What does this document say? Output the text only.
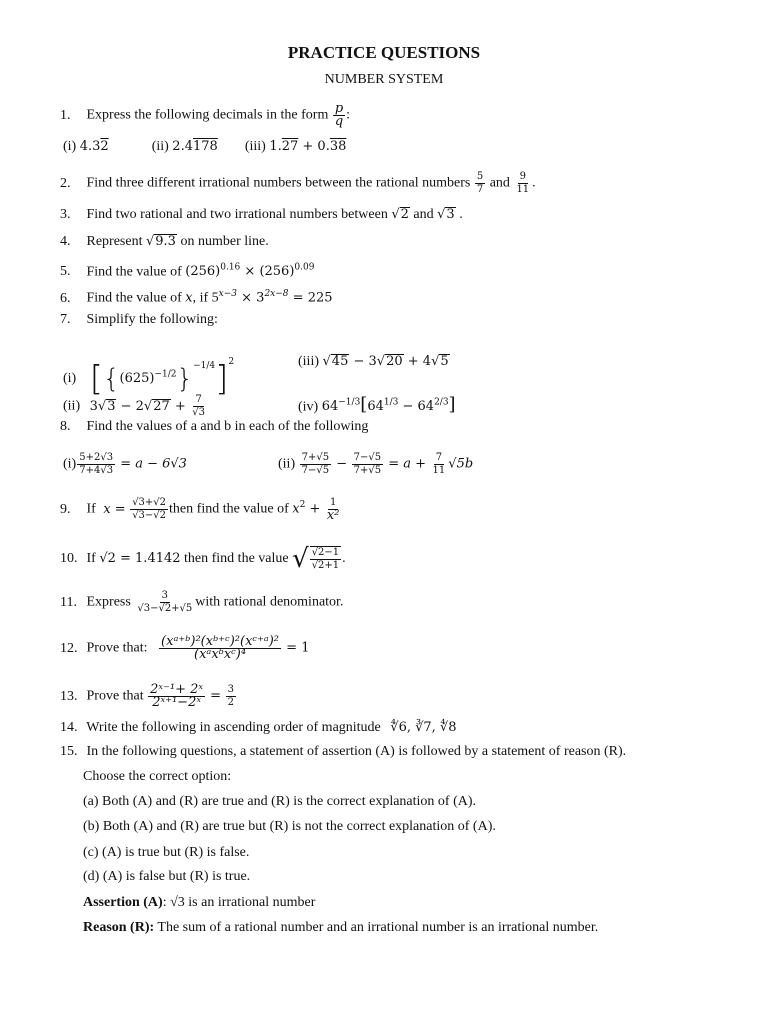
PRACTICE QUESTIONS
NUMBER SYSTEM
1. Express the following decimals in the form $\frac{p}{q}$ :
(i) 4.32	(ii) 2.4178 (iii) 1.27 + 0.38
2. Find three different irrational numbers between the rational numbers $\frac{5}{7}$ and $\frac{9}{11}$ .
3. Find two rational and two irrational numbers between √2 and √3 .
4. Represent √9.3 on number line.
5. Find the value of $(256)^{0.16} \times (256)^{0.09}$
6. Find the value of x, if $5^{x-3} \times 3^{2x-8} = 225$
7. Simplify the following:
(i) $[\{(625)^{-1/2}\}^{-1/4}]^2$	(iii) √45 − 3√20 + 4√5
(ii) $3√3 - 2√27 + \frac{7}{√3}$	(iv) $64^{-1/3}[64^{1/3} - 64^{2/3}]$
8. Find the values of a and b in each of the following
$(i) \frac{5+2√3}{7+4√3} = a - 6√3$	$(ii) \frac{7+√5}{7-√5} - \frac{7-√5}{7+√5} = a + \frac{7}{11} √5b$
9. If $x = \frac{√3+√2}{√3-√2}$ then find the value of $x^2 + \frac{1}{\text{x²}}$
10. If √2 = 1.4142 then find the value √ $\frac{√2-1}{√2+1}$ .
11. Express $\frac{3}{√3-√2+√5}$ with rational denominator.
12. Prove that: $\frac{\text{(xᵃ⁺ᵇ)²(xᵇ⁺ᶜ)²(xᶜ⁺ᵃ)²}}{\text{(xᵃxᵇxᶜ)⁴}} = 1$
13. Prove that $\frac{\text{2ˣ⁻¹+ 2ˣ}}{\text{2ˣ⁺¹−2ˣ}} = \frac{3}{2}$
14. Write the following in ascending order of magnitude ∜6, ∛7, ∜8
15. In the following questions, a statement of assertion (A) is followed by a statement of reason (R).
Choose the correct option:
(a) Both (A) and (R) are true and (R) is the correct explanation of (A).
(b) Both (A) and (R) are true but (R) is not the correct explanation of (A).
(c) (A) is true but (R) is false.
(d) (A) is false but (R) is true.
Assertion (A): √3 is an irrational number
Reason (R): The sum of a rational number and an irrational number is an irrational number.
